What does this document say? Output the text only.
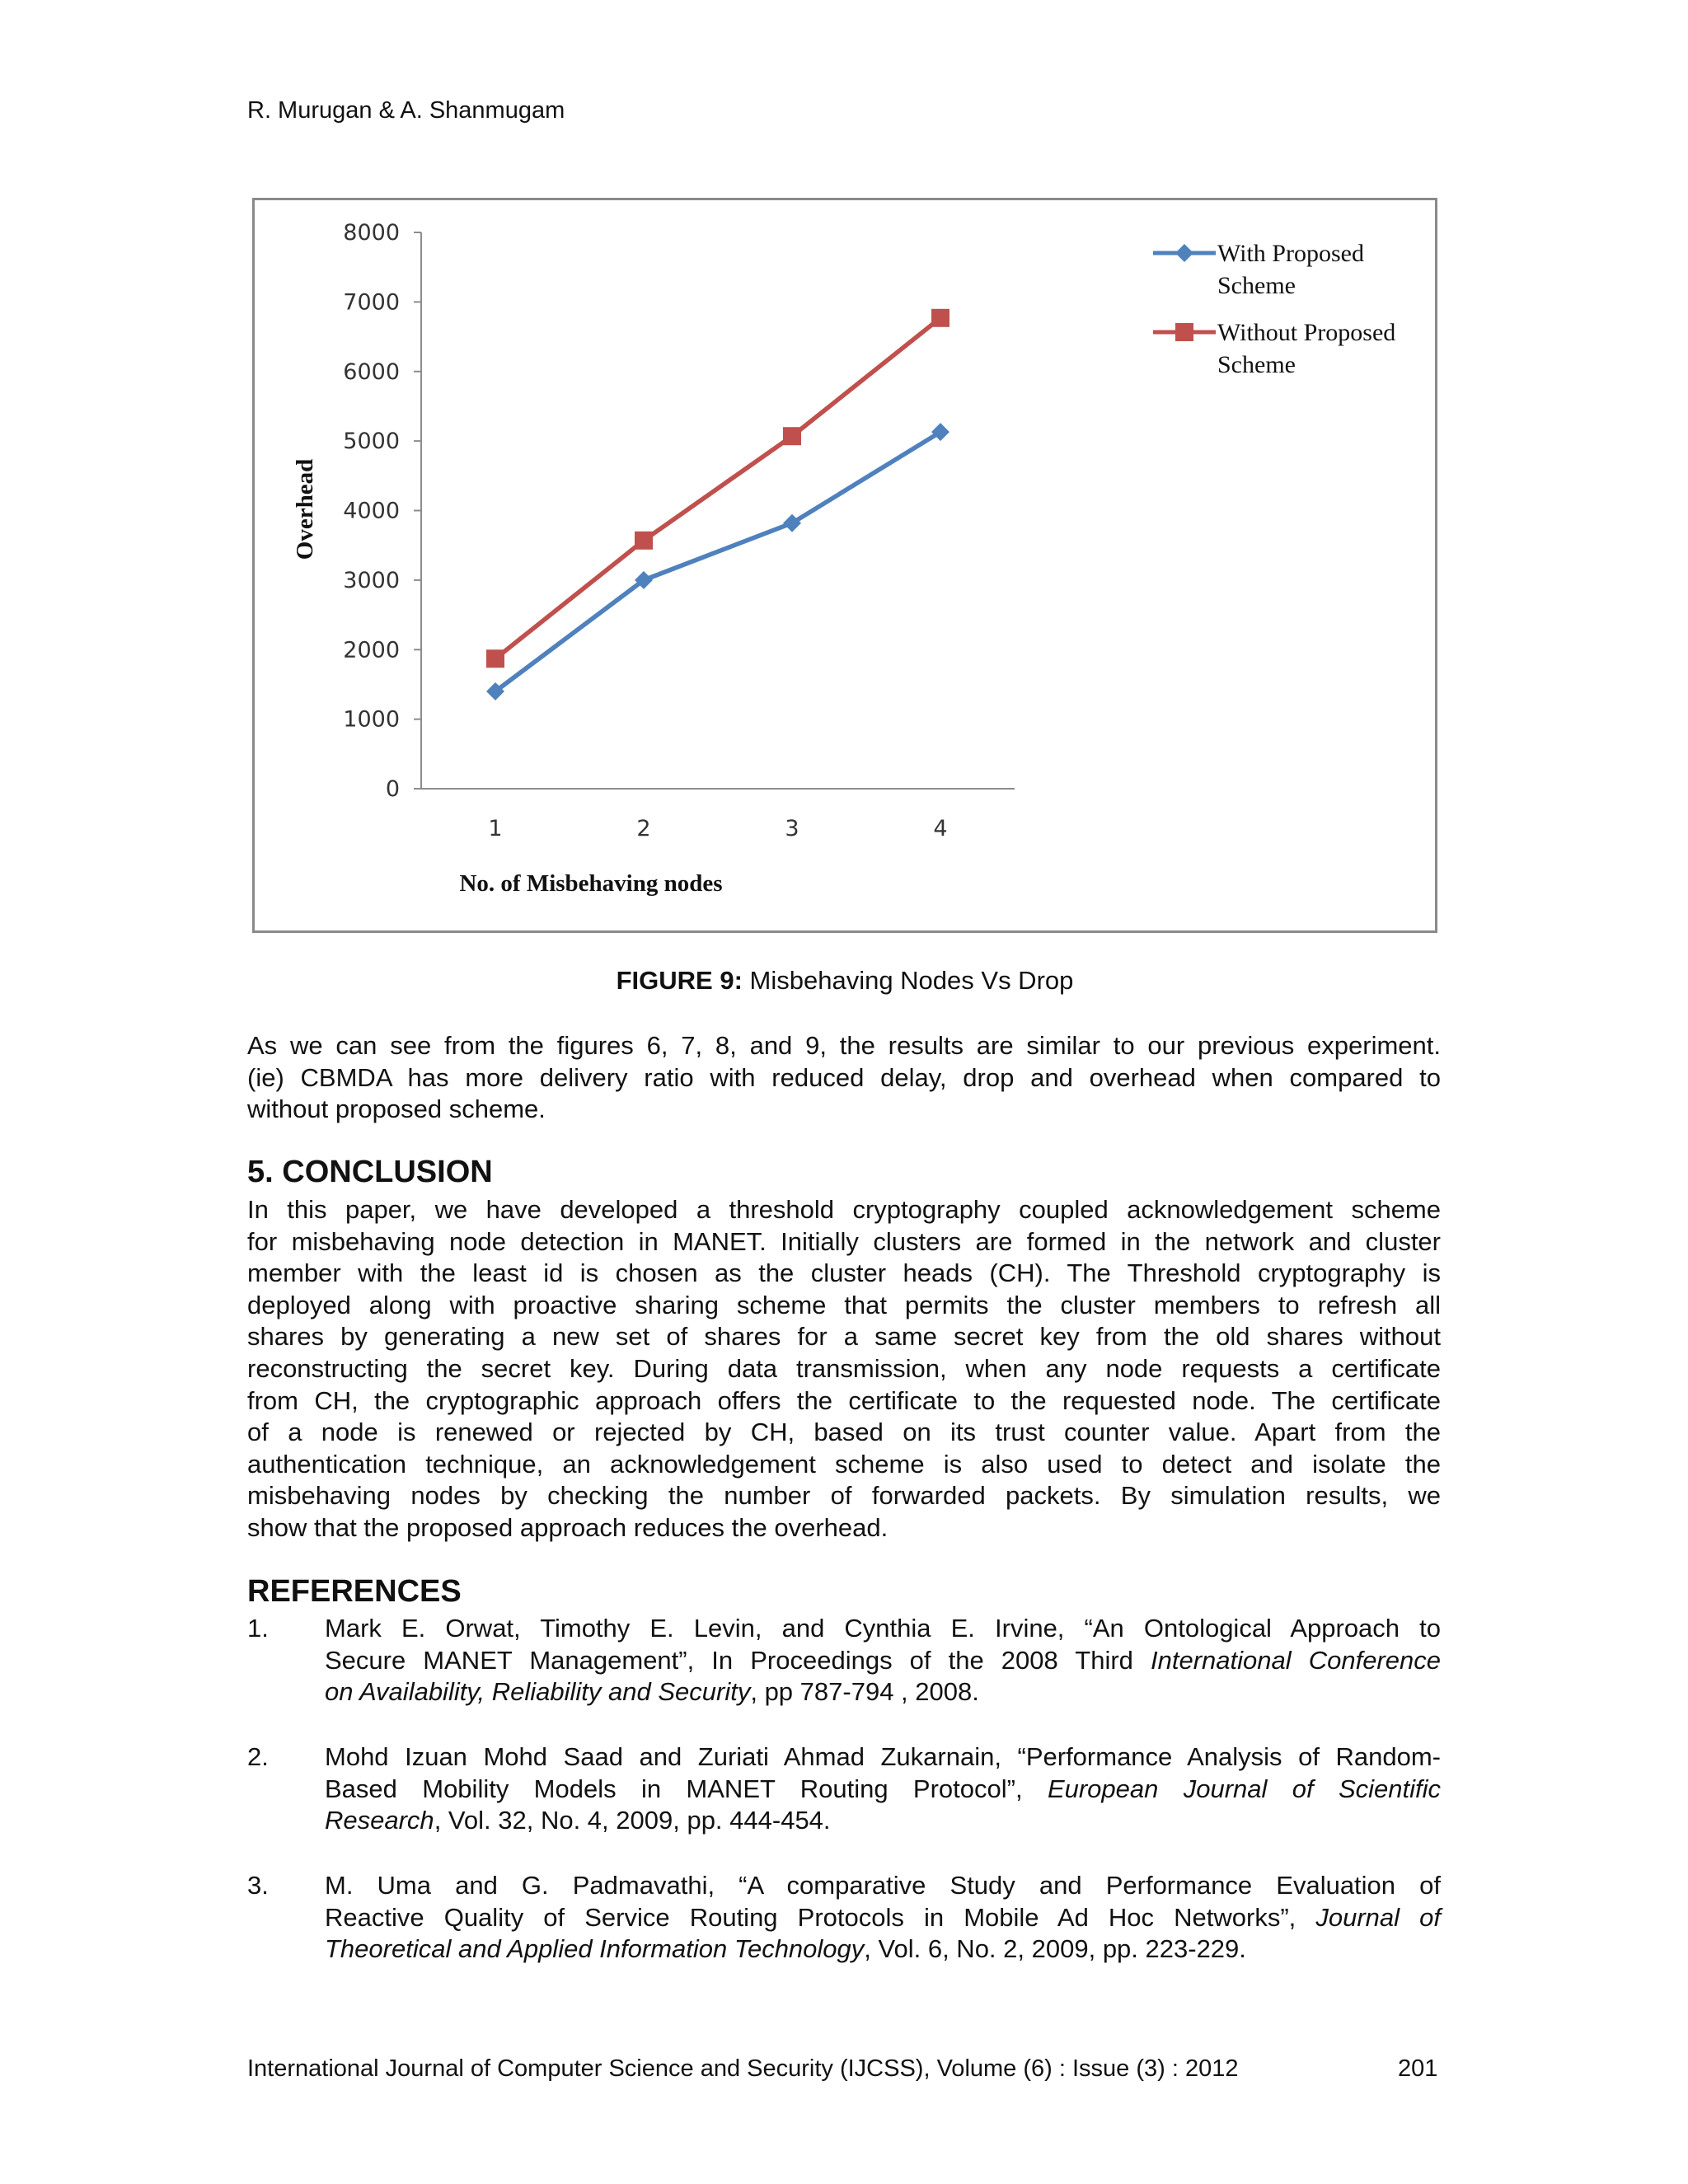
R. Murugan & A. Shanmugam
0
1000
2000
3000
4000
5000
6000
7000
8000
1	2	3	4
No. of Misbehaving nodes
Overhead
With Proposed
Scheme
Without Proposed
Scheme
FIGURE 9: Misbehaving Nodes Vs Drop
As we can see from the figures 6, 7, 8, and 9, the results are similar to our previous experiment.
(ie) CBMDA has more delivery ratio with reduced delay, drop and overhead when compared to
without proposed scheme.
5. CONCLUSION
In this paper, we have developed a threshold cryptography coupled acknowledgement scheme
for misbehaving node detection in MANET. Initially clusters are formed in the network and cluster
member with the least id is chosen as the cluster heads (CH). The Threshold cryptography is
deployed along with proactive sharing scheme that permits the cluster members to refresh all
shares by generating a new set of shares for a same secret key from the old shares without
reconstructing the secret key. During data transmission, when any node requests a certificate
from CH, the cryptographic approach offers the certificate to the requested node. The certificate
of a node is renewed or rejected by CH, based on its trust counter value. Apart from the
authentication technique, an acknowledgement scheme is also used to detect and isolate the
misbehaving nodes by checking the number of forwarded packets. By simulation results, we
show that the proposed approach reduces the overhead.
REFERENCES
1. Mark E. Orwat, Timothy E. Levin, and Cynthia E. Irvine, “An Ontological Approach to
Secure MANET Management”, In Proceedings of the 2008 Third International Conference
on Availability, Reliability and Security, pp 787-794 , 2008.
2. Mohd Izuan Mohd Saad and Zuriati Ahmad Zukarnain, “Performance Analysis of Random-
Based Mobility Models in MANET Routing Protocol”, European Journal of Scientific
Research, Vol. 32, No. 4, 2009, pp. 444-454.
3. M. Uma and G. Padmavathi, “A comparative Study and Performance Evaluation of
Reactive Quality of Service Routing Protocols in Mobile Ad Hoc Networks”, Journal of
Theoretical and Applied Information Technology, Vol. 6, No. 2, 2009, pp. 223-229.
International Journal of Computer Science and Security (IJCSS), Volume (6) : Issue (3) : 2012	201
